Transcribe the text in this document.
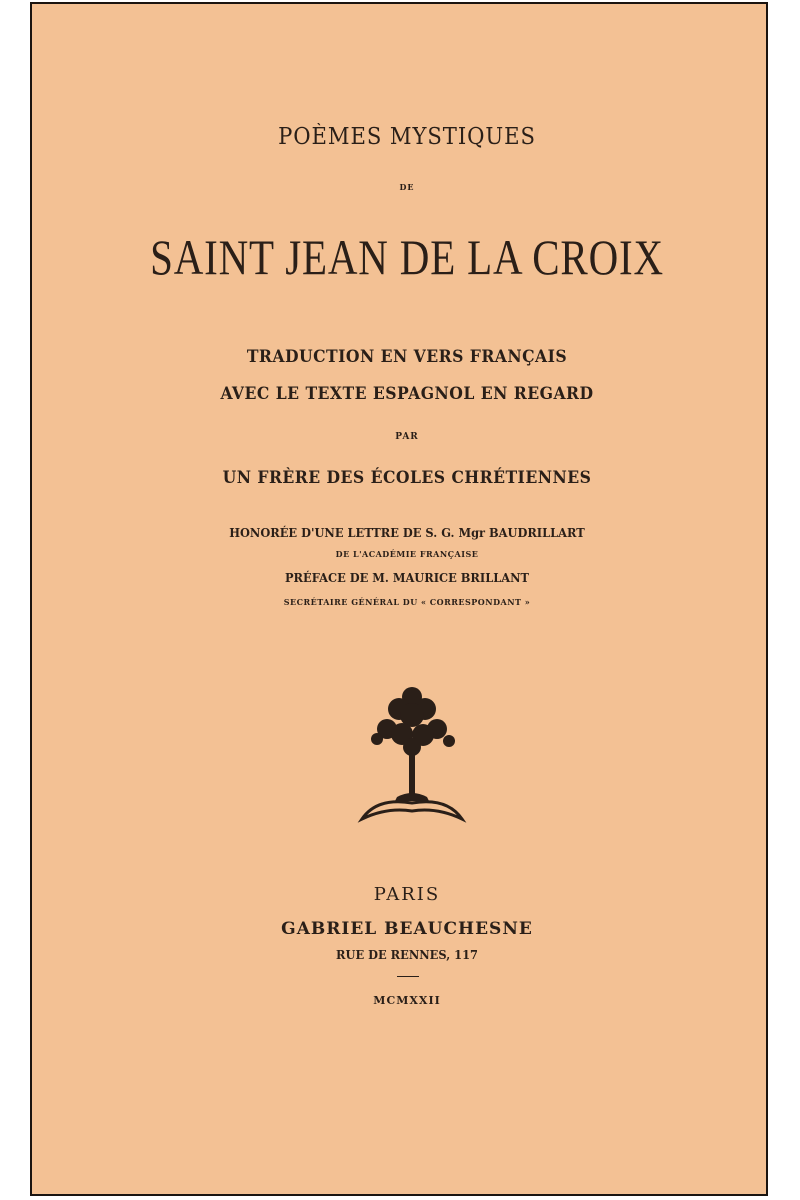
POÈMES MYSTIQUES
DE
SAINT JEAN DE LA CROIX
TRADUCTION EN VERS FRANÇAIS
AVEC LE TEXTE ESPAGNOL EN REGARD
PAR
UN FRÈRE DES ÉCOLES CHRÉTIENNES
HONORÉE D'UNE LETTRE DE S. G. Mgr BAUDRILLART
DE L'ACADÉMIE FRANÇAISE
PRÉFACE DE M. MAURICE BRILLANT
SECRÉTAIRE GÉNÉRAL DU « CORRESPONDANT »
PARIS
GABRIEL BEAUCHESNE
RUE DE RENNES, 117
MCMXXII
